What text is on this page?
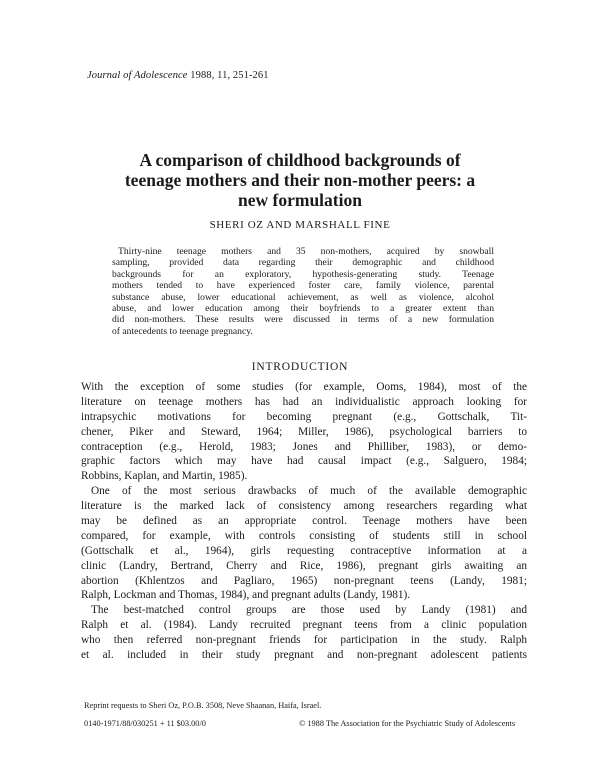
Journal of Adolescence 1988, 11, 251-261
A comparison of childhood backgrounds of
teenage mothers and their non-mother peers: a
new formulation
SHERI OZ AND MARSHALL FINE
Thirty-nine teenage mothers and 35 non-mothers, acquired by snowball
sampling, provided data regarding their demographic and childhood
backgrounds for an exploratory, hypothesis-generating study. Teenage
mothers tended to have experienced foster care, family violence, parental
substance abuse, lower educational achievement, as well as violence, alcohol
abuse, and lower education among their boyfriends to a greater extent than
did non-mothers. These results were discussed in terms of a new formulation
of antecedents to teenage pregnancy.
INTRODUCTION
With the exception of some studies (for example, Ooms, 1984), most of the
literature on teenage mothers has had an individualistic approach looking for
intrapsychic motivations for becoming pregnant (e.g., Gottschalk, Tit-
chener, Piker and Steward, 1964; Miller, 1986), psychological barriers to
contraception (e.g., Herold, 1983; Jones and Philliber, 1983), or demo-
graphic factors which may have had causal impact (e.g., Salguero, 1984;
Robbins, Kaplan, and Martin, 1985).
One of the most serious drawbacks of much of the available demographic
literature is the marked lack of consistency among researchers regarding what
may be defined as an appropriate control. Teenage mothers have been
compared, for example, with controls consisting of students still in school
(Gottschalk et al., 1964), girls requesting contraceptive information at a
clinic (Landry, Bertrand, Cherry and Rice, 1986), pregnant girls awaiting an
abortion (Khlentzos and Pagliaro, 1965) non-pregnant teens (Landy, 1981;
Ralph, Lockman and Thomas, 1984), and pregnant adults (Landy, 1981).
The best-matched control groups are those used by Landy (1981) and
Ralph et al. (1984). Landy recruited pregnant teens from a clinic population
who then referred non-pregnant friends for participation in the study. Ralph
et al. included in their study pregnant and non-pregnant adolescent patients
Reprint requests to Sheri Oz, P.O.B. 3508, Neve Shaanan, Haifa, Israel.
0140-1971/88/030251 + 11 $03.00/0	© 1988 The Association for the Psychiatric Study of Adolescents
